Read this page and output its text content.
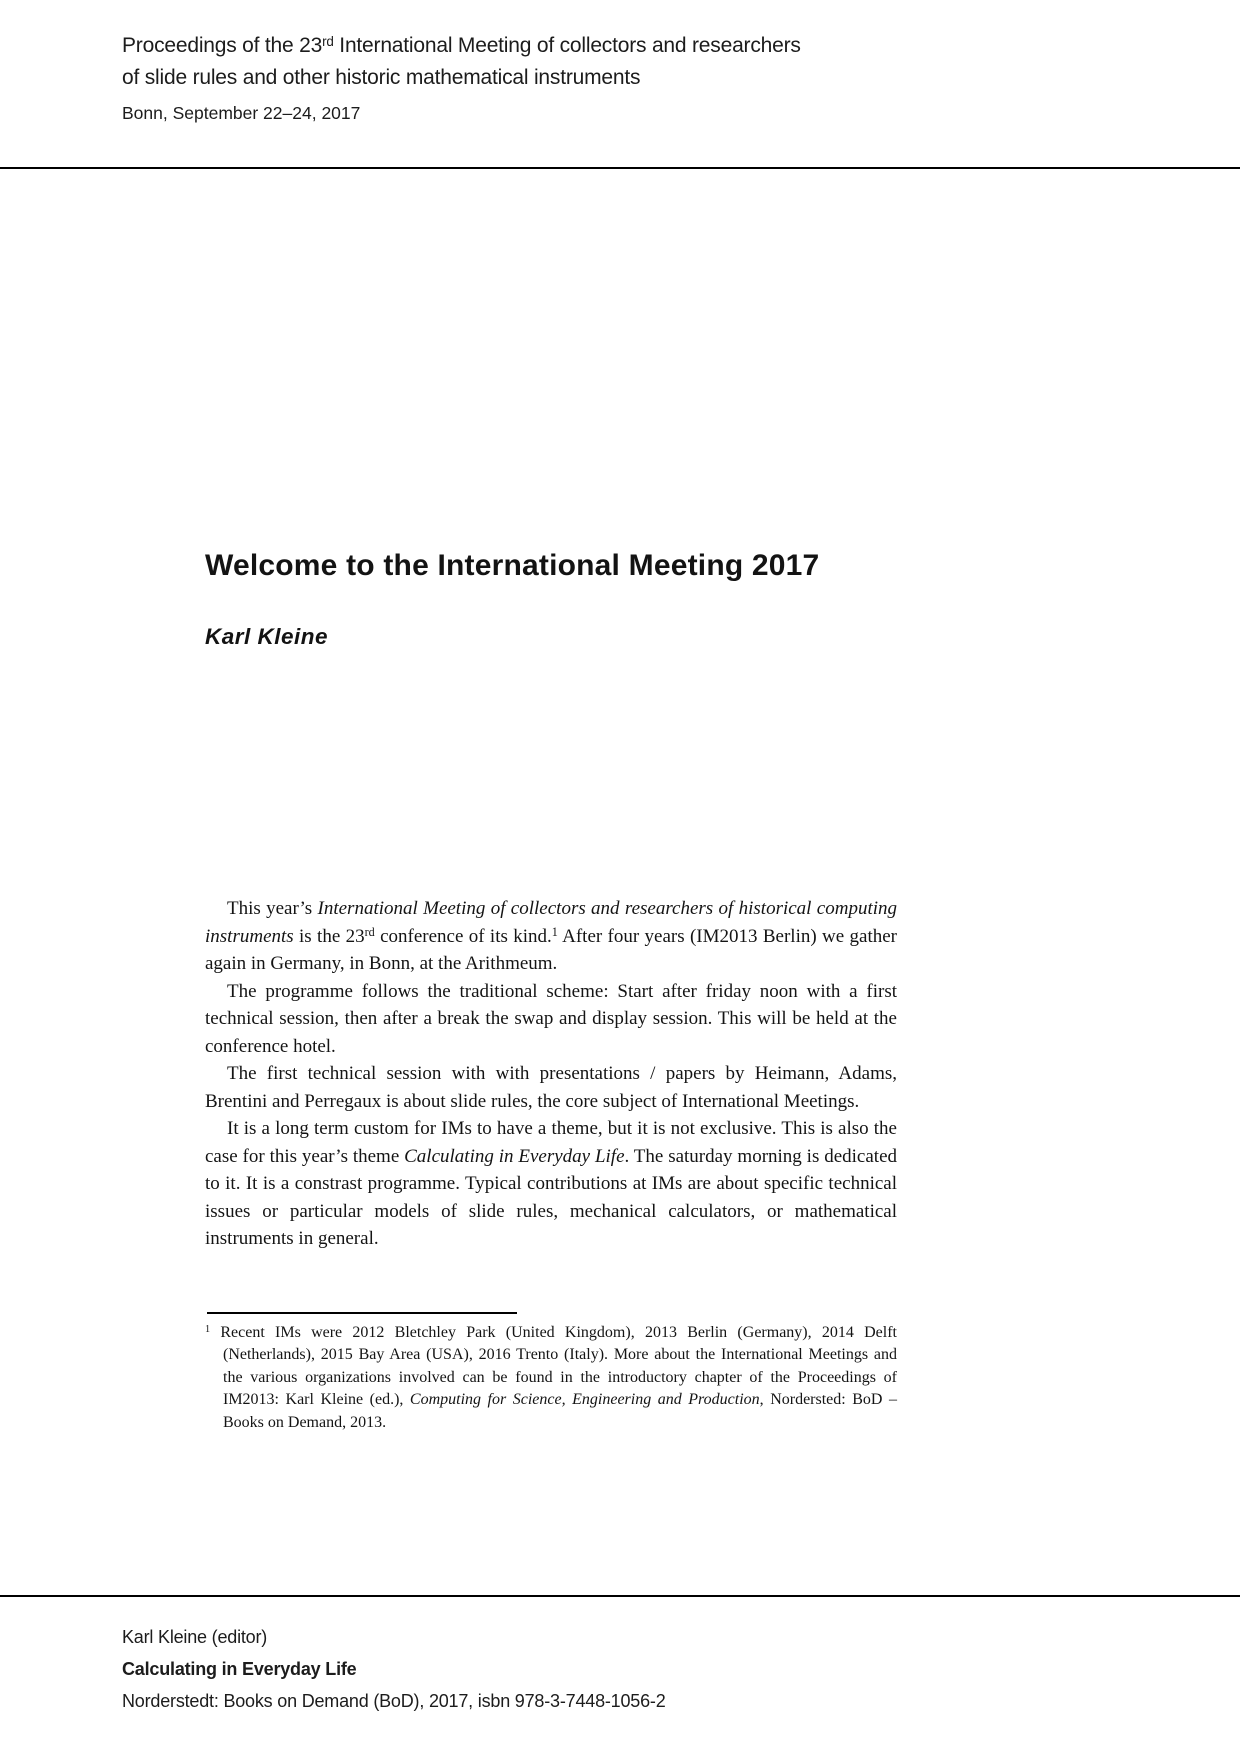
Proceedings of the 23rd International Meeting of collectors and researchers
of slide rules and other historic mathematical instruments
Bonn, September 22–24, 2017
Welcome to the International Meeting 2017
Karl Kleine

This year’s International Meeting of collectors and researchers of historical computing instruments is the 23rd conference of its kind.$^1$ After four years (IM2013 Berlin) we gather again in Germany, in Bonn, at the Arithmeum.

The programme follows the traditional scheme: Start after friday noon with a first technical session, then after a break the swap and display session. This will be held at the conference hotel.

The first technical session with with presentations / papers by Heimann, Adams, Brentini and Perregaux is about slide rules, the core subject of International Meetings.

It is a long term custom for IMs to have a theme, but it is not exclusive. This is also the case for this year’s theme Calculating in Everyday Life. The saturday morning is dedicated to it. It is a constrast programme. Typical contributions at IMs are about specific technical issues or particular models of slide rules, mechanical calculators, or mathematical instruments in general.

$^1$ Recent IMs were 2012 Bletchley Park (United Kingdom), 2013 Berlin (Germany), 2014 Delft (Netherlands), 2015 Bay Area (USA), 2016 Trento (Italy). More about the International Meetings and the various organizations involved can be found in the introductory chapter of the Proceedings of IM2013: Karl Kleine (ed.), Computing for Science, Engineering and Production, Nordersted: BoD – Books on Demand, 2013.

Karl Kleine (editor)
Calculating in Everyday Life
Norderstedt: Books on Demand (BoD), 2017, isbn 978-3-7448-1056-2
